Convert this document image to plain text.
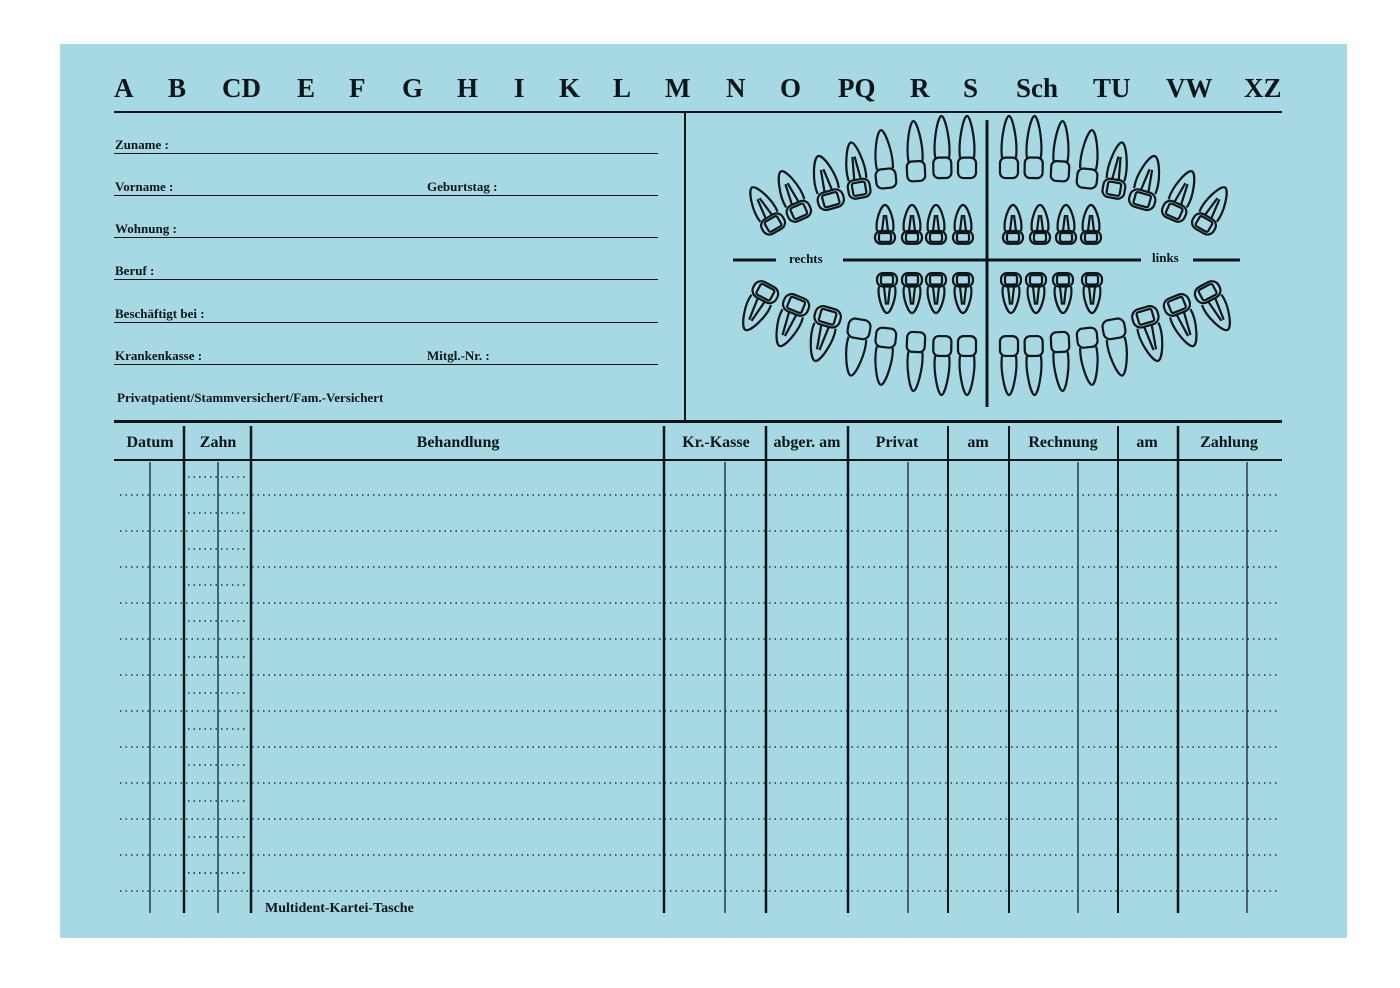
A B CD E F G H I K L M N O PQ R S Sch TU VW XZ
Zuname :
Vorname :	Geburtstag :
Wohnung :
Beruf :
Beschäftigt bei :
Krankenkasse :	Mitgl.-Nr. :
Privatpatient/Stammversichert/Fam.-Versichert
rechts	links
Datum	Zahn	Behandlung	Kr.-Kasse	abger. am	Privat	am	Rechnung	am	Zahlung
Multident-Kartei-Tasche
